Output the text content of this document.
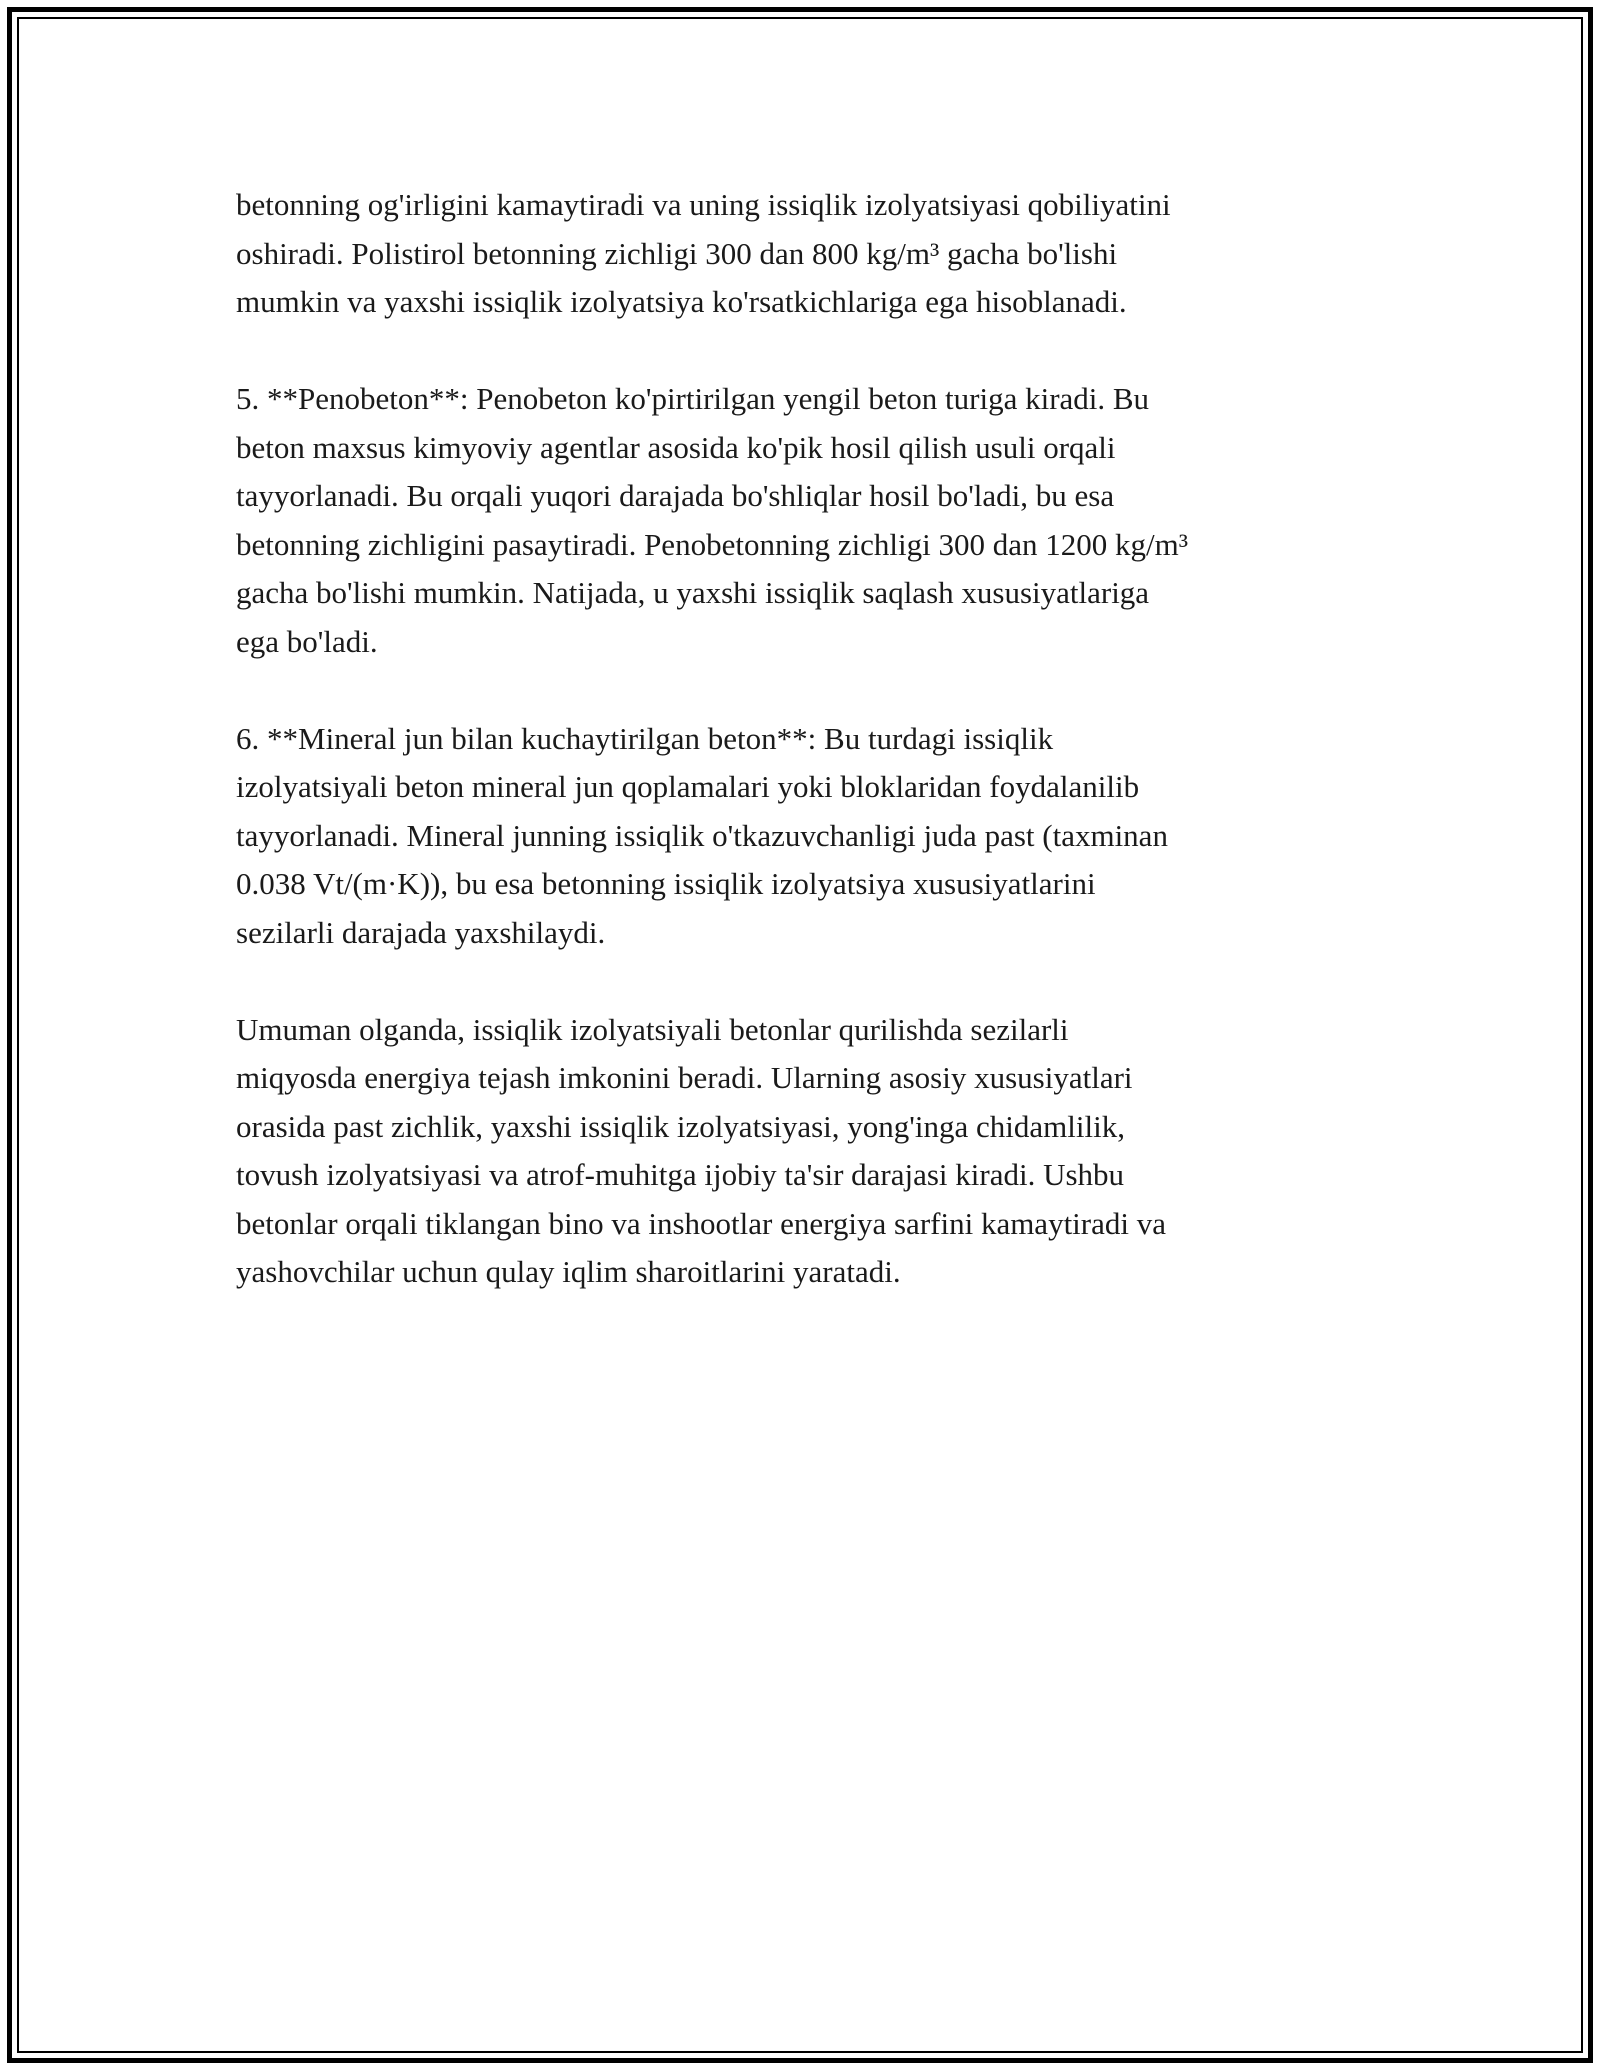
betonning og'irligini kamaytiradi va uning issiqlik izolyatsiyasi qobiliyatini
oshiradi. Polistirol betonning zichligi 300 dan 800 kg/m³ gacha bo'lishi
mumkin va yaxshi issiqlik izolyatsiya ko'rsatkichlariga ega hisoblanadi.

5. **Penobeton**: Penobeton ko'pirtirilgan yengil beton turiga kiradi. Bu
beton maxsus kimyoviy agentlar asosida ko'pik hosil qilish usuli orqali
tayyorlanadi. Bu orqali yuqori darajada bo'shliqlar hosil bo'ladi, bu esa
betonning zichligini pasaytiradi. Penobetonning zichligi 300 dan 1200 kg/m³
gacha bo'lishi mumkin. Natijada, u yaxshi issiqlik saqlash xususiyatlariga
ega bo'ladi.

6. **Mineral jun bilan kuchaytirilgan beton**: Bu turdagi issiqlik
izolyatsiyali beton mineral jun qoplamalari yoki bloklaridan foydalanilib
tayyorlanadi. Mineral junning issiqlik o'tkazuvchanligi juda past (taxminan
0.038 Vt/(m·K)), bu esa betonning issiqlik izolyatsiya xususiyatlarini
sezilarli darajada yaxshilaydi.

Umuman olganda, issiqlik izolyatsiyali betonlar qurilishda sezilarli
miqyosda energiya tejash imkonini beradi. Ularning asosiy xususiyatlari
orasida past zichlik, yaxshi issiqlik izolyatsiyasi, yong'inga chidamlilik,
tovush izolyatsiyasi va atrof-muhitga ijobiy ta'sir darajasi kiradi. Ushbu
betonlar orqali tiklangan bino va inshootlar energiya sarfini kamaytiradi va
yashovchilar uchun qulay iqlim sharoitlarini yaratadi.
